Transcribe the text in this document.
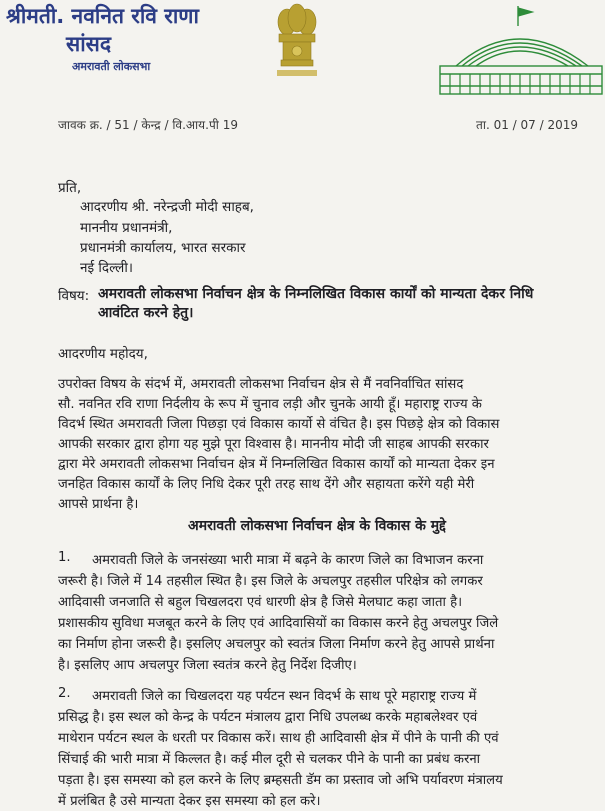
श्रीमती. नवनित रवि राणा
सांसद
अमरावती लोकसभा
जावक क्र. / 51 / केन्द्र / वि.आय.पी 19	ता. 01 / 07 / 2019
प्रति,
आदरणीय श्री. नरेन्द्रजी मोदी साहब,
माननीय प्रधानमंत्री,
प्रधानमंत्री कार्यालय, भारत सरकार
नई दिल्ली।
विषय: अमरावती लोकसभा निर्वाचन क्षेत्र के निम्नलिखित विकास कार्यों को मान्यता देकर निधि
आवंटित करने हेतु।
आदरणीय महोदय,
उपरोक्त विषय के संदर्भ में, अमरावती लोकसभा निर्वाचन क्षेत्र से मैं नवनिर्वाचित सांसद
सौ. नवनित रवि राणा निर्दलीय के रूप में चुनाव लड़ी और चुनके आयी हूँ। महाराष्ट्र राज्य के
विदर्भ स्थित अमरावती जिला पिछड़ा एवं विकास कार्यो से वंचित है। इस पिछड़े क्षेत्र को विकास
आपकी सरकार द्वारा होगा यह मुझे पूरा विश्वास है। माननीय मोदी जी साहब आपकी सरकार
द्वारा मेरे अमरावती लोकसभा निर्वाचन क्षेत्र में निम्नलिखित विकास कार्यों को मान्यता देकर इन
जनहित विकास कार्यों के लिए निधि देकर पूरी तरह साथ देंगे और सहायता करेंगे यही मेरी
आपसे प्रार्थना है।
अमरावती लोकसभा निर्वाचन क्षेत्र के विकास के मुद्दे
1. अमरावती जिले के जनसंख्या भारी मात्रा में बढ़ने के कारण जिले का विभाजन करना
जरूरी है। जिले में 14 तहसील स्थित है। इस जिले के अचलपुर तहसील परिक्षेत्र को लगकर
आदिवासी जनजाति से बहुल चिखलदरा एवं धारणी क्षेत्र है जिसे मेलघाट कहा जाता है।
प्रशासकीय सुविधा मजबूत करने के लिए एवं आदिवासियों का विकास करने हेतु अचलपुर जिले
का निर्माण होना जरूरी है। इसलिए अचलपुर को स्वतंत्र जिला निर्माण करने हेतु आपसे प्रार्थना
है। इसलिए आप अचलपुर जिला स्वतंत्र करने हेतु निर्देश दिजीए।
2. अमरावती जिले का चिखलदरा यह पर्यटन स्थन विदर्भ के साथ पूरे महाराष्ट्र राज्य में
प्रसिद्ध है। इस स्थल को केन्द्र के पर्यटन मंत्रालय द्वारा निधि उपलब्ध करके महाबलेश्वर एवं
माथेरान पर्यटन स्थल के धरती पर विकास करें। साथ ही आदिवासी क्षेत्र में पीने के पानी की एवं
सिंचाई की भारी मात्रा में किल्लत है। कई मील दूरी से चलकर पीने के पानी का प्रबंध करना
पड़ता है। इस समस्या को हल करने के लिए ब्रम्हसती डॅम का प्रस्ताव जो अभि पर्यावरण मंत्रालय
में प्रलंबित है उसे मान्यता देकर इस समस्या को हल करे।
